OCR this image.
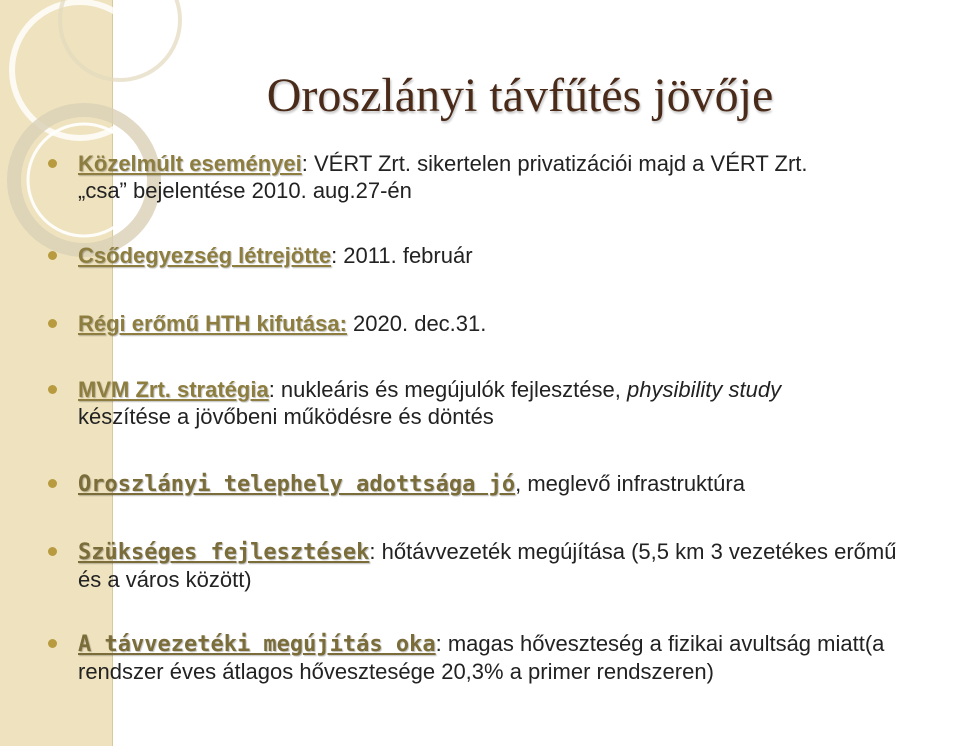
Oroszlányi távfűtés jövője
Közelmúlt eseményei: VÉRT Zrt. sikertelen privatizációi majd a VÉRT Zrt.
„csa” bejelentése 2010. aug.27-én
Csődegyezség létrejötte: 2011. február
Régi erőmű HTH kifutása: 2020. dec.31.
MVM Zrt. stratégia: nukleáris és megújulók fejlesztése, physibility study
készítése a jövőbeni működésre és döntés
Oroszlányi telephely adottsága jó, meglevő infrastruktúra
Szükséges fejlesztések: hőtávvezeték megújítása (5,5 km 3 vezetékes erőmű
és a város között)
A távvezetéki megújítás oka: magas hőveszteség a fizikai avultság miatt(a
rendszer éves átlagos hővesztesége 20,3% a primer rendszeren)
